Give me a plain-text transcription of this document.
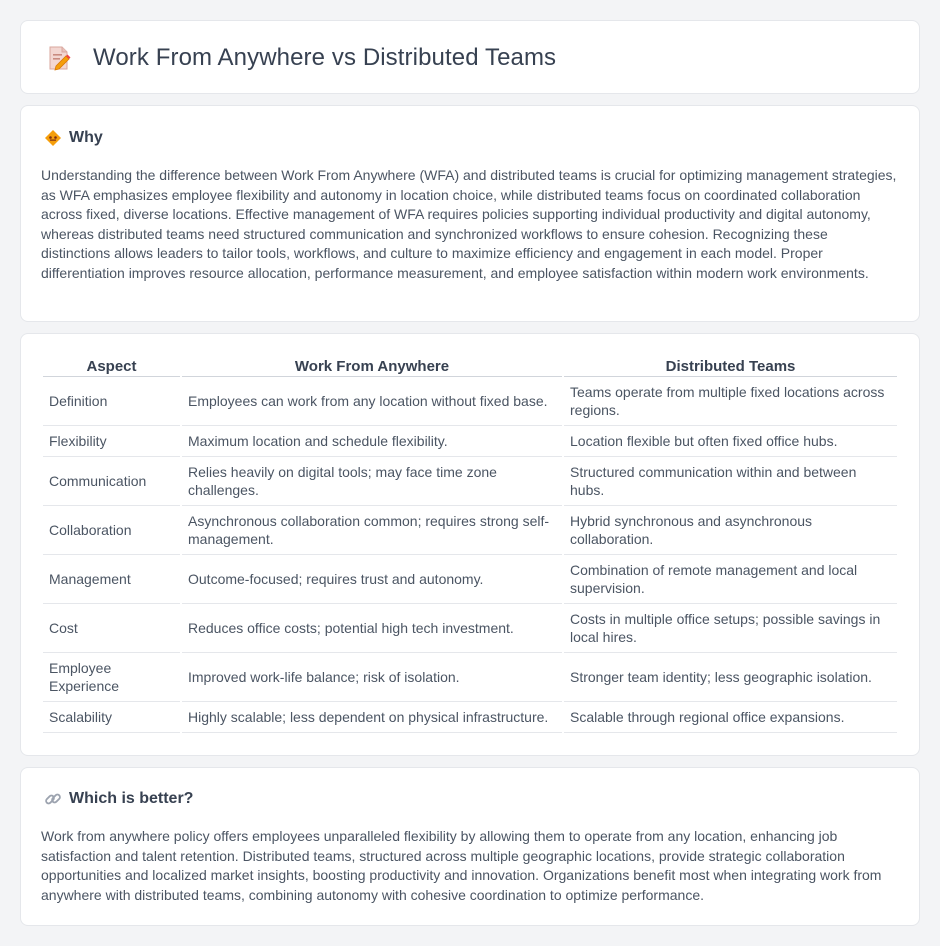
Work From Anywhere vs Distributed Teams
Why

Understanding the difference between Work From Anywhere (WFA) and distributed teams is crucial for optimizing management strategies, as WFA emphasizes employee flexibility and autonomy in location choice, while distributed teams focus on coordinated collaboration across fixed, diverse locations. Effective management of WFA requires policies supporting individual productivity and digital autonomy, whereas distributed teams need structured communication and synchronized workflows to ensure cohesion. Recognizing these distinctions allows leaders to tailor tools, workflows, and culture to maximize efficiency and engagement in each model. Proper differentiation improves resource allocation, performance measurement, and employee satisfaction within modern work environments.

Aspect	Work From Anywhere	Distributed Teams
Definition	Employees can work from any location without fixed base.	Teams operate from multiple fixed locations across regions.
Flexibility	Maximum location and schedule flexibility.	Location flexible but often fixed office hubs.
Communication	Relies heavily on digital tools; may face time zone challenges.	Structured communication within and between hubs.
Collaboration	Asynchronous collaboration common; requires strong self-management.	Hybrid synchronous and asynchronous collaboration.
Management	Outcome-focused; requires trust and autonomy.	Combination of remote management and local supervision.
Cost	Reduces office costs; potential high tech investment.	Costs in multiple office setups; possible savings in local hires.
Employee Experience	Improved work-life balance; risk of isolation.	Stronger team identity; less geographic isolation.
Scalability	Highly scalable; less dependent on physical infrastructure.	Scalable through regional office expansions.
Which is better?

Work from anywhere policy offers employees unparalleled flexibility by allowing them to operate from any location, enhancing job satisfaction and talent retention. Distributed teams, structured across multiple geographic locations, provide strategic collaboration opportunities and localized market insights, boosting productivity and innovation. Organizations benefit most when integrating work from anywhere with distributed teams, combining autonomy with cohesive coordination to optimize performance.
